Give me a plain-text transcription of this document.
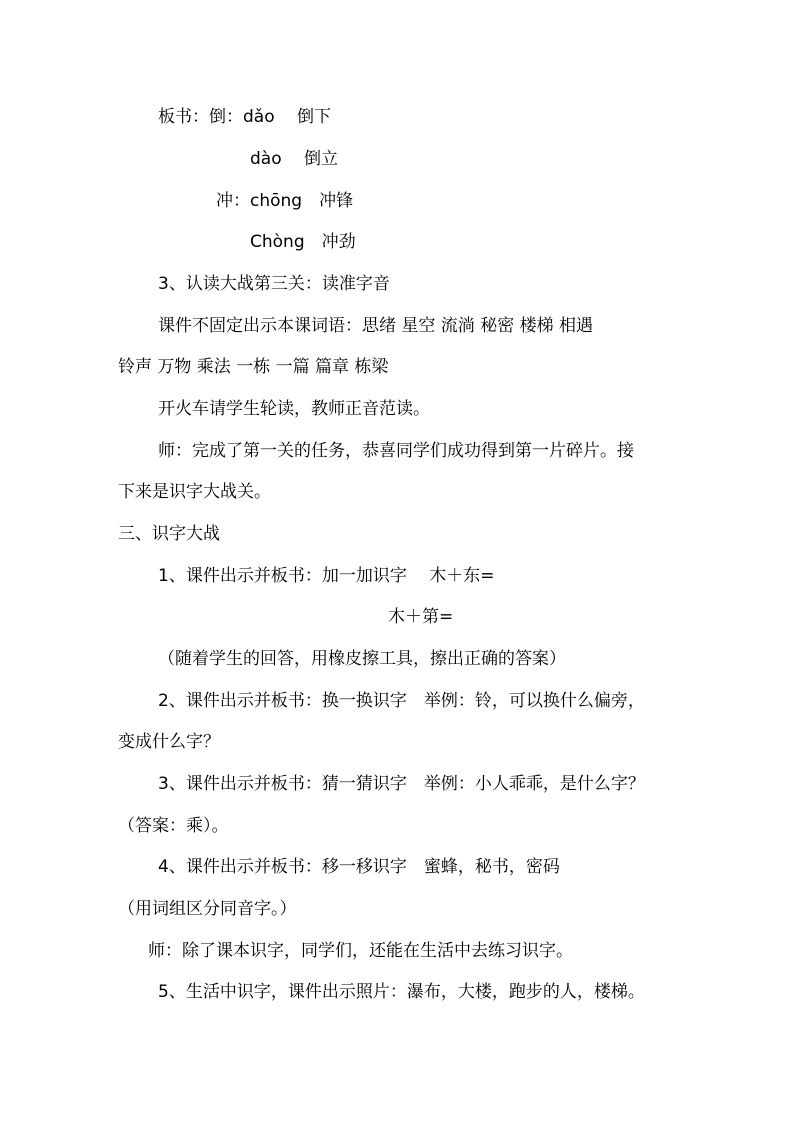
板书：倒：dǎo　 倒下
dào　 倒立
冲：chōng　冲锋
Chòng　冲劲
3、认读大战第三关：读准字音
课件不固定出示本课词语：思绪 星空 流淌 秘密 楼梯 相遇
铃声 万物 乘法 一栋 一篇 篇章 栋梁
开火车请学生轮读，教师正音范读。
师：完成了第一关的任务，恭喜同学们成功得到第一片碎片。接
下来是识字大战关。
三、识字大战
1、课件出示并板书：加一加识字　 木＋东=
木＋第=
（随着学生的回答，用橡皮擦工具，擦出正确的答案）
2、课件出示并板书：换一换识字　举例：铃，可以换什么偏旁，
变成什么字？
3、课件出示并板书：猜一猜识字　举例：小人乖乖，是什么字？
（答案：乘）。
4、课件出示并板书：移一移识字　蜜蜂，秘书，密码
（用词组区分同音字。）
师：除了课本识字，同学们，还能在生活中去练习识字。
5、生活中识字，课件出示照片：瀑布，大楼，跑步的人，楼梯。
